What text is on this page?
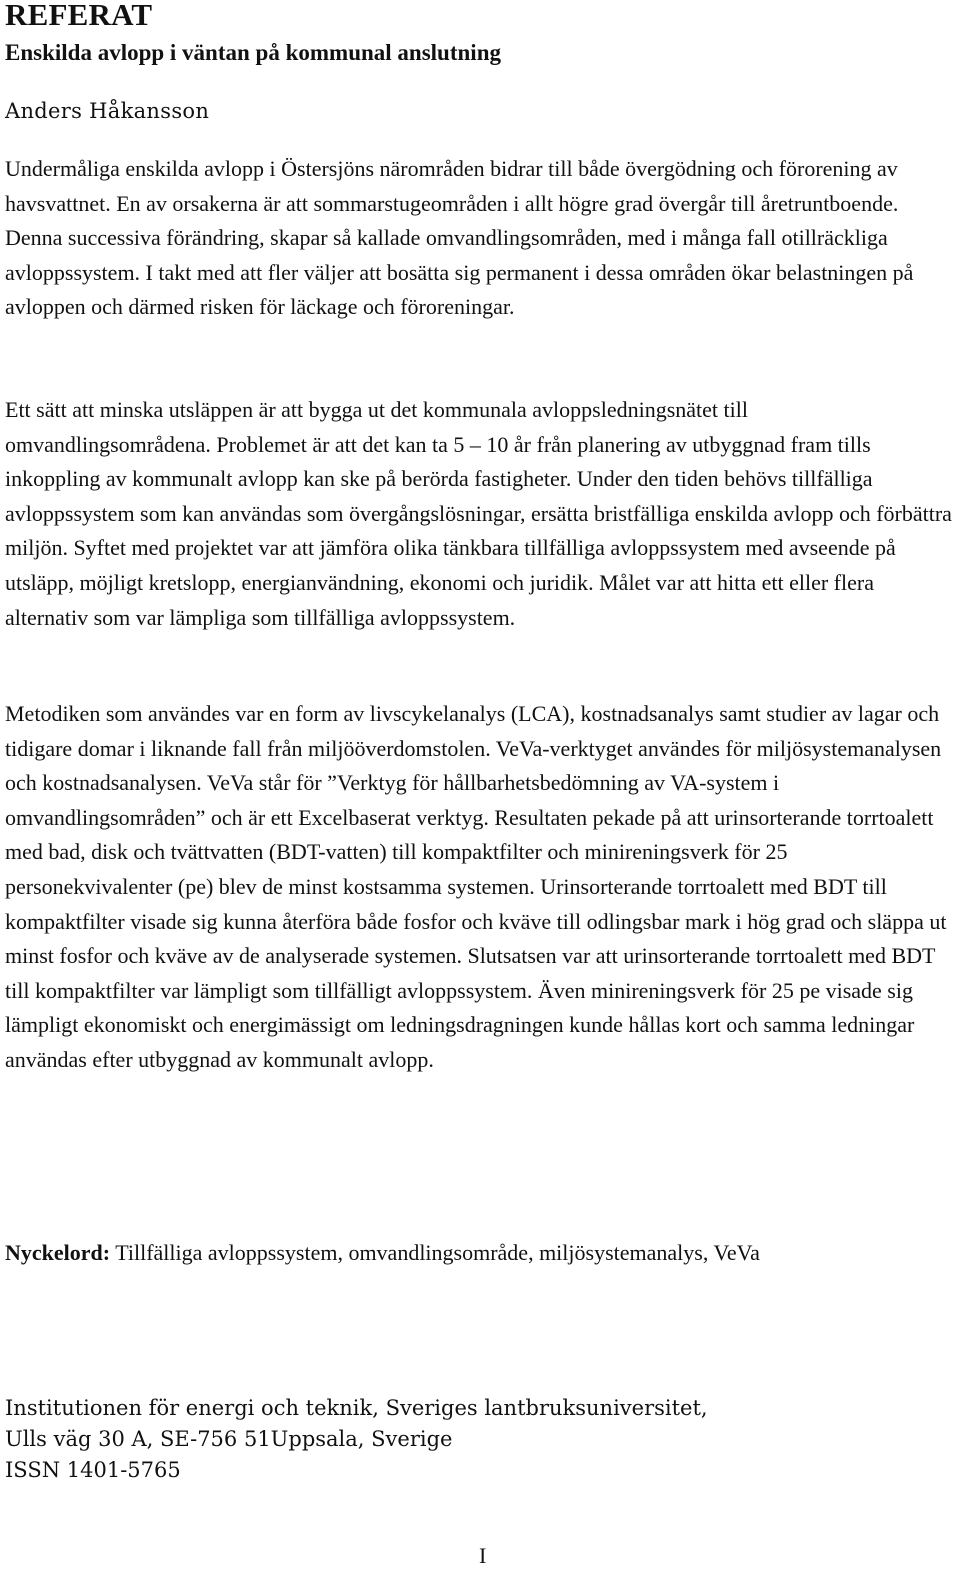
REFERAT
Enskilda avlopp i väntan på kommunal anslutning
Anders Håkansson

Undermåliga enskilda avlopp i Östersjöns närområden bidrar till både övergödning och förorening av havsvattnet. En av orsakerna är att sommarstugeområden i allt högre grad övergår till åretruntboende. Denna successiva förändring, skapar så kallade omvandlingsområden, med i många fall otillräckliga avloppssystem. I takt med att fler väljer att bosätta sig permanent i dessa områden ökar belastningen på avloppen och därmed risken för läckage och föroreningar.

Ett sätt att minska utsläppen är att bygga ut det kommunala avloppsledningsnätet till omvandlingsområdena. Problemet är att det kan ta 5 – 10 år från planering av utbyggnad fram tills inkoppling av kommunalt avlopp kan ske på berörda fastigheter. Under den tiden behövs tillfälliga avloppssystem som kan användas som övergångslösningar, ersätta bristfälliga enskilda avlopp och förbättra miljön. Syftet med projektet var att jämföra olika tänkbara tillfälliga avloppssystem med avseende på utsläpp, möjligt kretslopp, energianvändning, ekonomi och juridik. Målet var att hitta ett eller flera alternativ som var lämpliga som tillfälliga avloppssystem.

Metodiken som användes var en form av livscykelanalys (LCA), kostnadsanalys samt studier av lagar och tidigare domar i liknande fall från miljööverdomstolen. VeVa-verktyget användes för miljösystemanalysen och kostnadsanalysen. VeVa står för ”Verktyg för hållbarhetsbedömning av VA-system i omvandlingsområden” och är ett Excelbaserat verktyg. Resultaten pekade på att urinsorterande torrtoalett med bad, disk och tvättvatten (BDT-vatten) till kompaktfilter och minireningsverk för 25 personekvivalenter (pe) blev de minst kostsamma systemen. Urinsorterande torrtoalett med BDT till kompaktfilter visade sig kunna återföra både fosfor och kväve till odlingsbar mark i hög grad och släppa ut minst fosfor och kväve av de analyserade systemen. Slutsatsen var att urinsorterande torrtoalett med BDT till kompaktfilter var lämpligt som tillfälligt avloppssystem. Även minireningsverk för 25 pe visade sig lämpligt ekonomiskt och energimässigt om ledningsdragningen kunde hållas kort och samma ledningar användas efter utbyggnad av kommunalt avlopp.

Nyckelord: Tillfälliga avloppssystem, omvandlingsområde, miljösystemanalys, VeVa
Institutionen för energi och teknik, Sveriges lantbruksuniversitet,
Ulls väg 30 A, SE-756 51Uppsala, Sverige
ISSN 1401-5765
I
